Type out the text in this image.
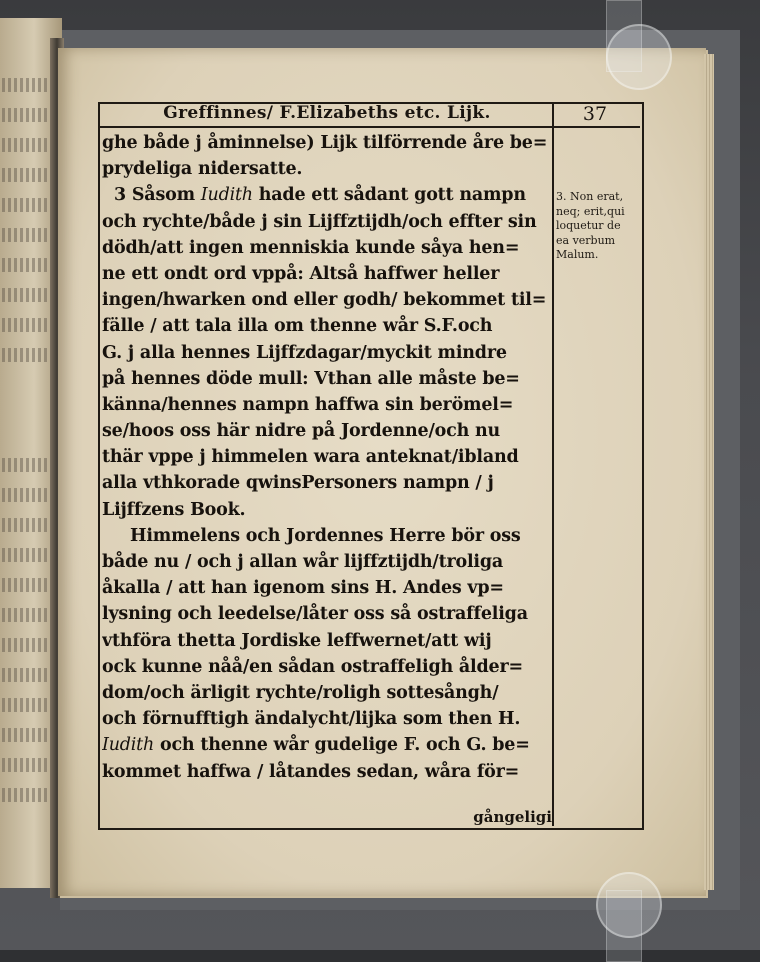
Greffinnes/ F.Elizabeths etc. Lijk.	37
ghe både j åminnelse) Lijk tilförrende åre be=
prydeliga nidersatte.
3 Såsom Iudith hade ett sådant gott nampn
och rychte/både j sin Lijffztijdh/och effter sin
dödh/att ingen menniskia kunde såya hen=
ne ett ondt ord vppå: Altså haffwer heller
ingen/hwarken ond eller godh/ bekommet til=
fälle / att tala illa om thenne wår S.F.och
G. j alla hennes Lijffzdagar/myckit mindre
på hennes döde mull: Vthan alle måste be=
känna/hennes nampn haffwa sin berömel=
se/hoos oss här nidre på Jordenne/och nu
thär vppe j himmelen wara anteknat/ibland
alla vthkorade qwinsPersoners nampn / j
Lijffzens Book.
Himmelens och Jordennes Herre bör oss
både nu / och j allan wår lijffztijdh/troliga
åkalla / att han igenom sins H. Andes vp=
lysning och leedelse/låter oss så ostraffeliga
vthföra thetta Jordiske leffwernet/att wij
ock kunne nåå/en sådan ostraffeligh ålder=
dom/och ärligit rychte/roligh sottesångh/
och förnufftigh ändalycht/lijka som then H.
Iudith och thenne wår gudelige F. och G. be=
kommet haffwa / låtandes sedan, wåra för=
3. Non erat,
neq; erit,qui
loquetur de
ea verbum
Malum.
gångeligi
